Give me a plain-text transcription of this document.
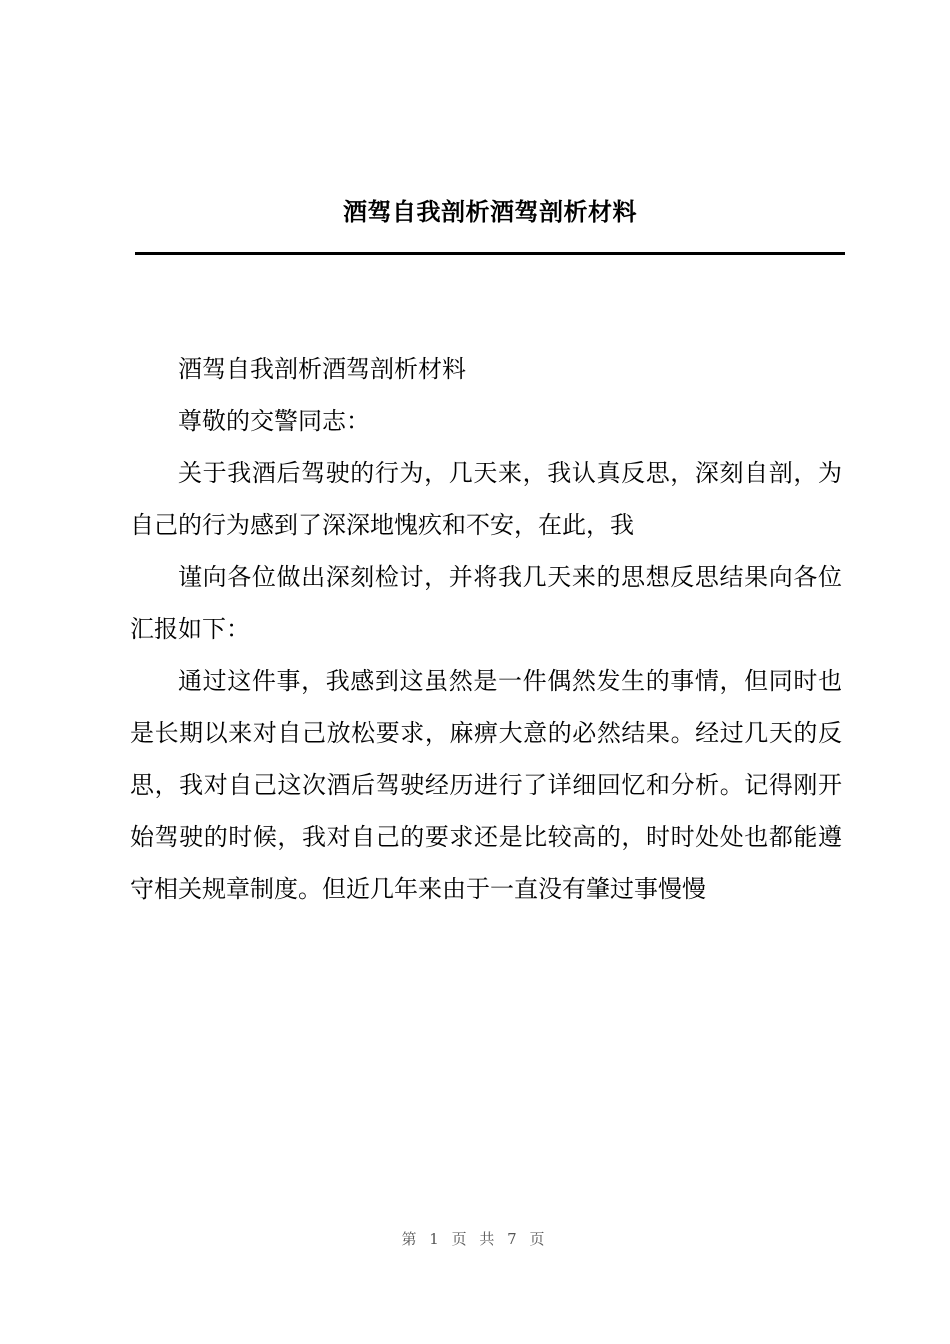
酒驾自我剖析酒驾剖析材料

酒驾自我剖析酒驾剖析材料

尊敬的交警同志：

关于我酒后驾驶的行为，几天来，我认真反思，深刻自剖，为自己的行为感到了深深地愧疚和不安，在此，我

谨向各位做出深刻检讨，并将我几天来的思想反思结果向各位汇报如下：

通过这件事，我感到这虽然是一件偶然发生的事情，但同时也是长期以来对自己放松要求，麻痹大意的必然结果。经过几天的反思，我对自己这次酒后驾驶经历进行了详细回忆和分析。记得刚开始驾驶的时候，我对自己的要求还是比较高的，时时处处也都能遵守相关规章制度。但近几年来由于一直没有肇过事慢慢

第 1 页 共 7 页
